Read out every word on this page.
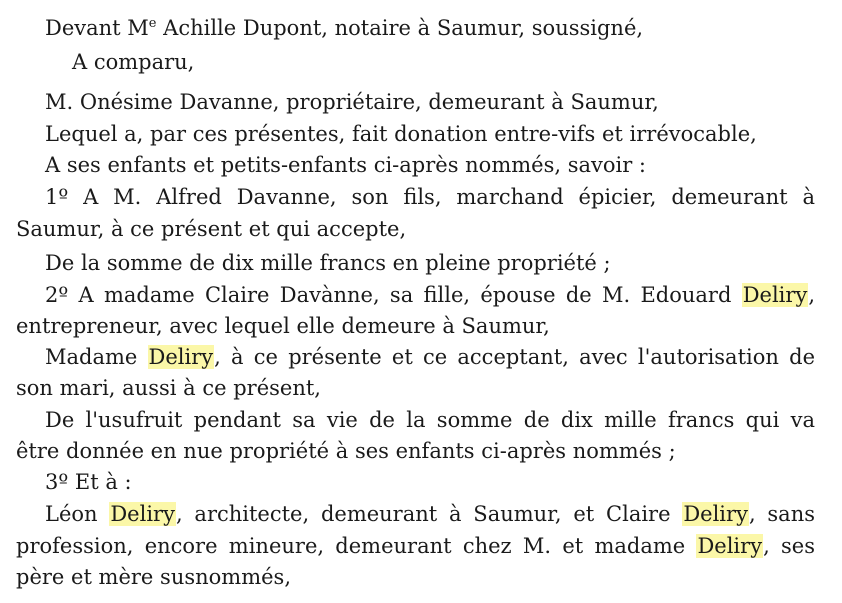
Devant Me Achille Dupont, notaire à Saumur, soussigné,
A comparu,
M. Onésime Davanne, propriétaire, demeurant à Saumur,
Lequel a, par ces présentes, fait donation entre-vifs et irrévocable,
A ses enfants et petits-enfants ci-après nommés, savoir :
1º A M. Alfred Davanne, son fils, marchand épicier, demeurant à
Saumur, à ce présent et qui accepte,
De la somme de dix mille francs en pleine propriété ;
2º A madame Claire Davànne, sa fille, épouse de M. Edouard Deliry,
entrepreneur, avec lequel elle demeure à Saumur,
Madame Deliry, à ce présente et ce acceptant, avec l'autorisation de
son mari, aussi à ce présent,
De l'usufruit pendant sa vie de la somme de dix mille francs qui va
être donnée en nue propriété à ses enfants ci-après nommés ;
3º Et à :
Léon Deliry, architecte, demeurant à Saumur, et Claire Deliry, sans
profession, encore mineure, demeurant chez M. et madame Deliry, ses
père et mère susnommés,
